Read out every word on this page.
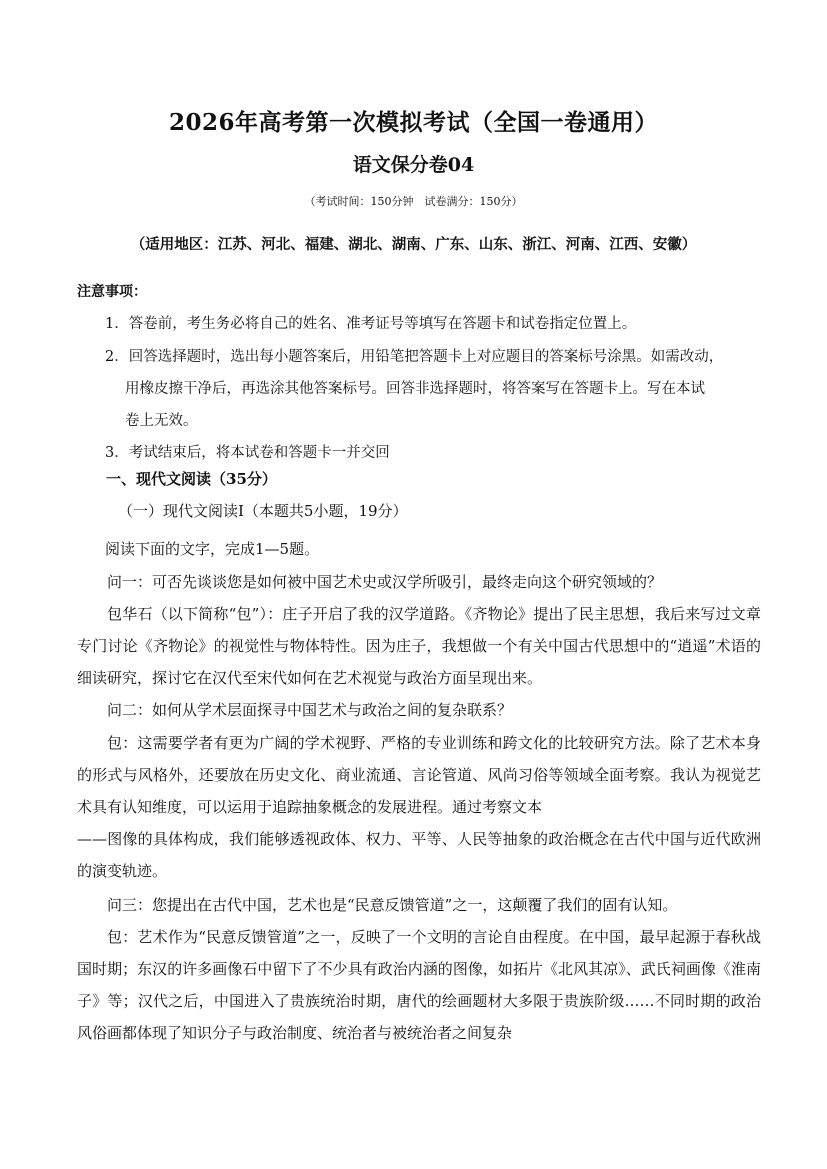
2026年高考第一次模拟考试（全国一卷通用）
语文保分卷04
（考试时间：150分钟　试卷满分：150分）
（适用地区：江苏、河北、福建、湖北、湖南、广东、山东、浙江、河南、江西、安徽）
注意事项：
1．答卷前，考生务必将自己的姓名、准考证号等填写在答题卡和试卷指定位置上。
2．回答选择题时，选出每小题答案后，用铅笔把答题卡上对应题目的答案标号涂黑。如需改动，
用橡皮擦干净后，再选涂其他答案标号。回答非选择题时，将答案写在答题卡上。写在本试
卷上无效。
3．考试结束后，将本试卷和答题卡一并交回
一、现代文阅读（35分）
（一）现代文阅读Ⅰ（本题共5小题，19分）
阅读下面的文字，完成1—5题。

问一：可否先谈谈您是如何被中国艺术史或汉学所吸引，最终走向这个研究领域的？

包华石（以下简称“包”）：庄子开启了我的汉学道路。《齐物论》提出了民主思想，我后来写过文章专门讨论《齐物论》的视觉性与物体特性。因为庄子，我想做一个有关中国古代思想中的“逍遥”术语的细读研究，探讨它在汉代至宋代如何在艺术视觉与政治方面呈现出来。

问二：如何从学术层面探寻中国艺术与政治之间的复杂联系？

包：这需要学者有更为广阔的学术视野、严格的专业训练和跨文化的比较研究方法。除了艺术本身的形式与风格外，还要放在历史文化、商业流通、言论管道、风尚习俗等领域全面考察。我认为视觉艺术具有认知维度，可以运用于追踪抽象概念的发展进程。通过考察文本

——图像的具体构成，我们能够透视政体、权力、平等、人民等抽象的政治概念在古代中国与近代欧洲的演变轨迹。

问三：您提出在古代中国，艺术也是“民意反馈管道”之一，这颠覆了我们的固有认知。

包：艺术作为“民意反馈管道”之一，反映了一个文明的言论自由程度。在中国，最早起源于春秋战国时期；东汉的许多画像石中留下了不少具有政治内涵的图像，如拓片《北风其凉》、武氏祠画像《淮南子》等；汉代之后，中国进入了贵族统治时期，唐代的绘画题材大多限于贵族阶级……不同时期的政治风俗画都体现了知识分子与政治制度、统治者与被统治者之间复杂
